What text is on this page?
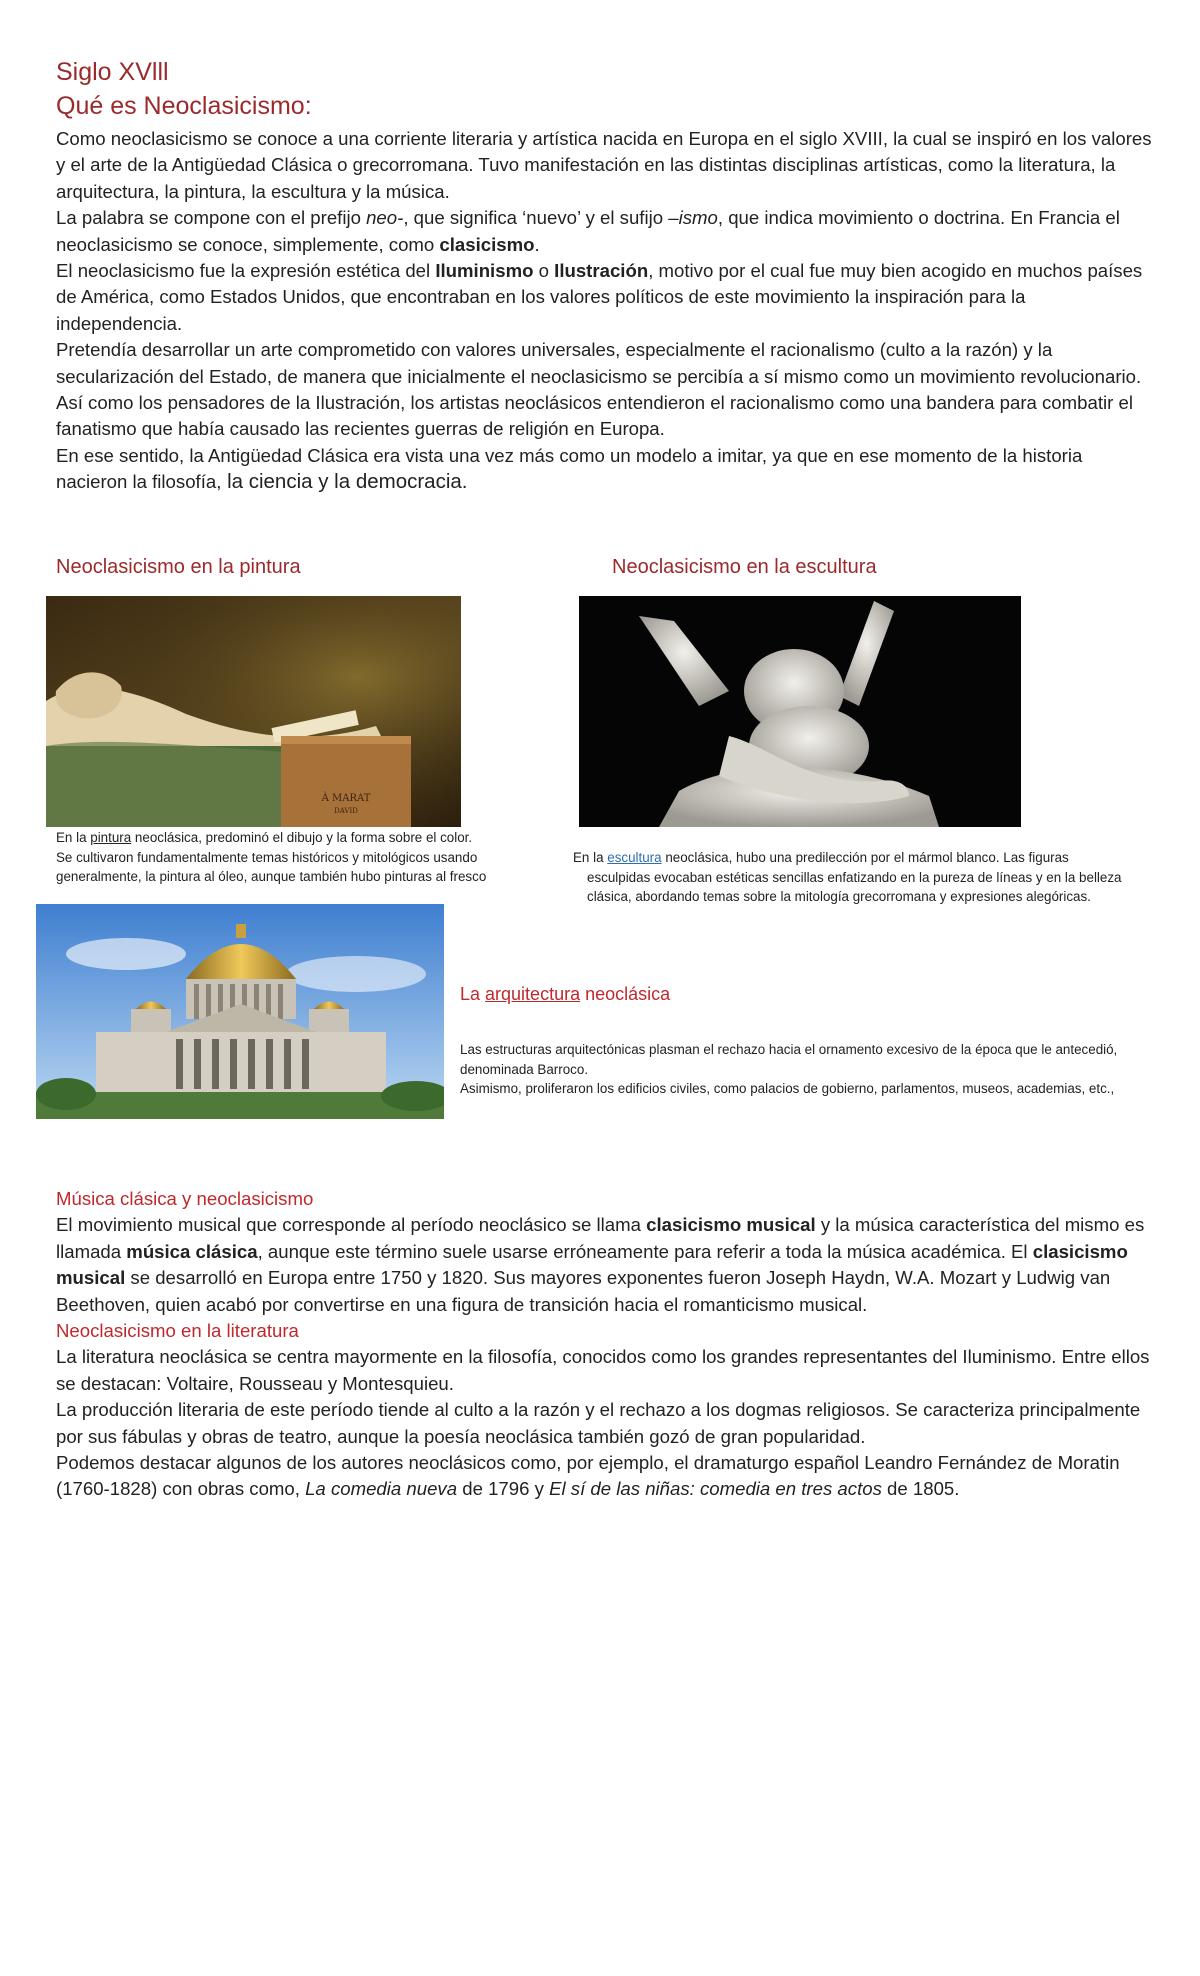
Siglo XVlll
Qué es Neoclasicismo:

Como neoclasicismo se conoce a una corriente literaria y artística nacida en Europa en el siglo XVIII, la cual se inspiró en los valores y el arte de la Antigüedad Clásica o grecorromana. Tuvo manifestación en las distintas disciplinas artísticas, como la literatura, la arquitectura, la pintura, la escultura y la música.

La palabra se compone con el prefijo neo-, que significa ‘nuevo’ y el sufijo –ismo, que indica movimiento o doctrina. En Francia el neoclasicismo se conoce, simplemente, como clasicismo.

El neoclasicismo fue la expresión estética del Iluminismo o Ilustración, motivo por el cual fue muy bien acogido en muchos países de América, como Estados Unidos, que encontraban en los valores políticos de este movimiento la inspiración para la independencia.

Pretendía desarrollar un arte comprometido con valores universales, especialmente el racionalismo (culto a la razón) y la secularización del Estado, de manera que inicialmente el neoclasicismo se percibía a sí mismo como un movimiento revolucionario.

Así como los pensadores de la Ilustración, los artistas neoclásicos entendieron el racionalismo como una bandera para combatir el fanatismo que había causado las recientes guerras de religión en Europa.

En ese sentido, la Antigüedad Clásica era vista una vez más como un modelo a imitar, ya que en ese momento de la historia nacieron la filosofía, la ciencia y la democracia.

Neoclasicismo en la pintura
À MARAT
DAVID

En la pintura neoclásica, predominó el dibujo y la forma sobre el color.

Se cultivaron fundamentalmente temas históricos y mitológicos usando generalmente, la pintura al óleo, aunque también hubo pinturas al fresco

Neoclasicismo en la escultura

En la escultura neoclásica, hubo una predilección por el mármol blanco. Las figuras esculpidas evocaban estéticas sencillas enfatizando en la pureza de líneas y en la belleza clásica, abordando temas sobre la mitología grecorromana y expresiones alegóricas.

La arquitectura neoclásica

Las estructuras arquitectónicas plasman el rechazo hacia el ornamento excesivo de la época que le antecedió, denominada Barroco.

Asimismo, proliferaron los edificios civiles, como palacios de gobierno, parlamentos, museos, academias, etc.,

Música clásica y neoclasicismo

El movimiento musical que corresponde al período neoclásico se llama clasicismo musical y la música característica del mismo es llamada música clásica, aunque este término suele usarse erróneamente para referir a toda la música académica. El clasicismo musical se desarrolló en Europa entre 1750 y 1820. Sus mayores exponentes fueron Joseph Haydn, W.A. Mozart y Ludwig van Beethoven, quien acabó por convertirse en una figura de transición hacia el romanticismo musical.

Neoclasicismo en la literatura

La literatura neoclásica se centra mayormente en la filosofía, conocidos como los grandes representantes del Iluminismo. Entre ellos se destacan: Voltaire, Rousseau y Montesquieu.

La producción literaria de este período tiende al culto a la razón y el rechazo a los dogmas religiosos. Se caracteriza principalmente por sus fábulas y obras de teatro, aunque la poesía neoclásica también gozó de gran popularidad.

Podemos destacar algunos de los autores neoclásicos como, por ejemplo, el dramaturgo español Leandro Fernández de Moratin (1760-1828) con obras como, La comedia nueva de 1796 y El sí de las niñas: comedia en tres actos de 1805.
